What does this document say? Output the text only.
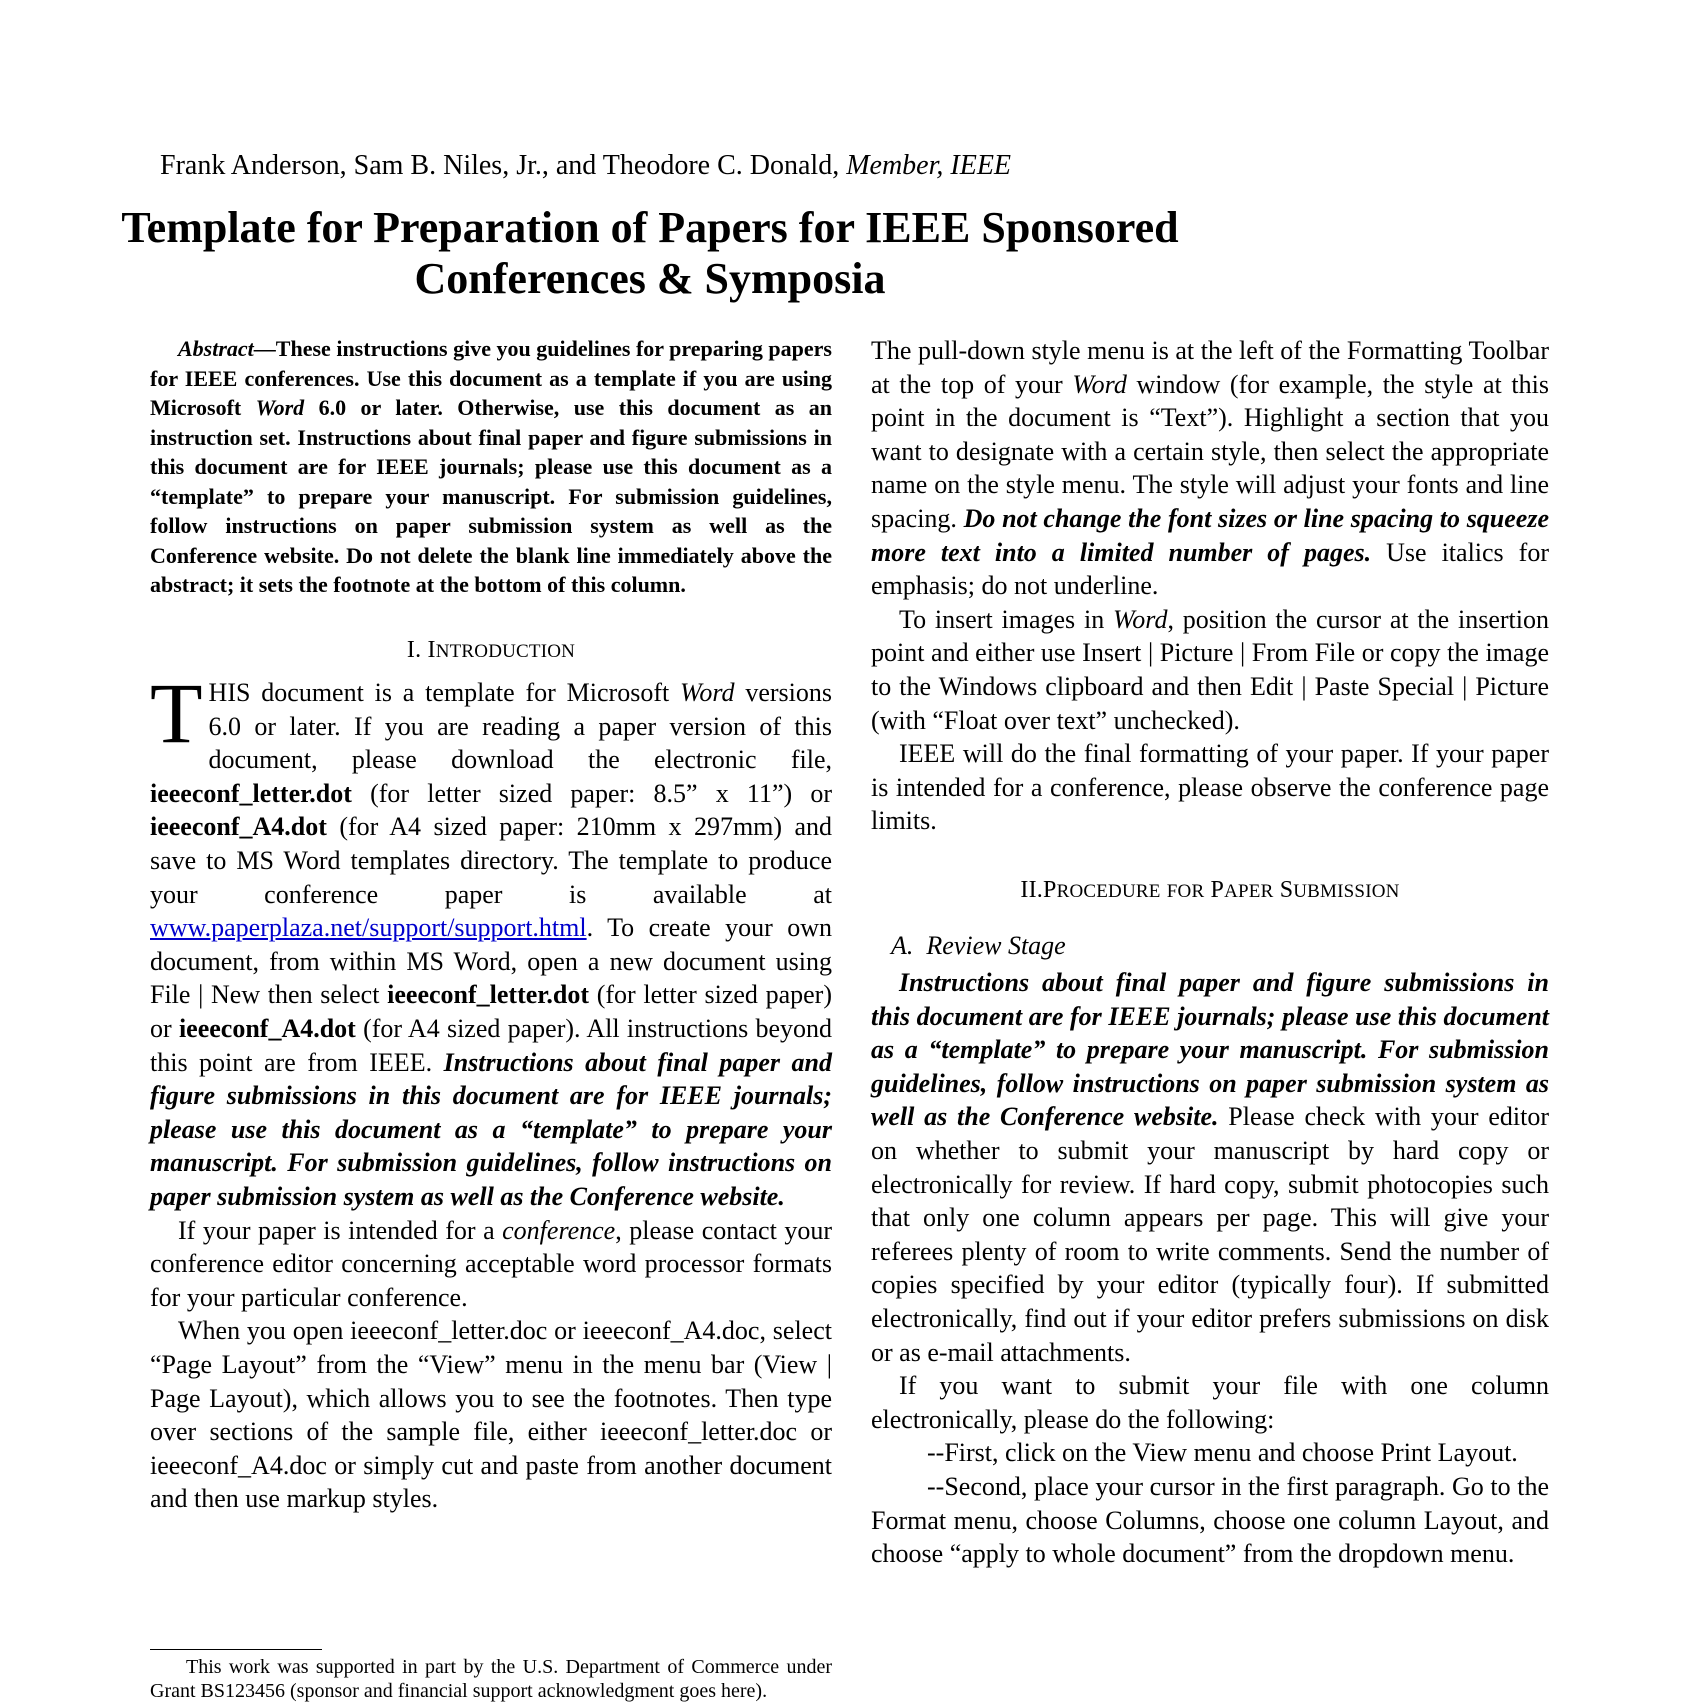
Frank Anderson, Sam B. Niles, Jr., and Theodore C. Donald, Member, IEEE
Template for Preparation of Papers for IEEE Sponsored Conferences & Symposia

Abstract—These instructions give you guidelines for preparing papers for IEEE conferences. Use this document as a template if you are using Microsoft Word 6.0 or later. Otherwise, use this document as an instruction set. Instructions about final paper and figure submissions in this document are for IEEE journals; please use this document as a “template” to prepare your manuscript. For submission guidelines, follow instructions on paper submission system as well as the Conference website. Do not delete the blank line immediately above the abstract; it sets the footnote at the bottom of this column.

I. INTRODUCTION

THIS document is a template for Microsoft Word versions 6.0 or later. If you are reading a paper version of this document, please download the electronic file, ieeeconf_letter.dot (for letter sized paper: 8.5” x 11”) or ieeeconf_A4.dot (for A4 sized paper: 210mm x 297mm) and save to MS Word templates directory. The template to produce your conference paper is available at www.paperplaza.net/support/support.html. To create your own document, from within MS Word, open a new document using File | New then select ieeeconf_letter.dot (for letter sized paper) or ieeeconf_A4.dot (for A4 sized paper). All instructions beyond this point are from IEEE. Instructions about final paper and figure submissions in this document are for IEEE journals; please use this document as a “template” to prepare your manuscript. For submission guidelines, follow instructions on paper submission system as well as the Conference website.

If your paper is intended for a conference, please contact your conference editor concerning acceptable word processor formats for your particular conference.

When you open ieeeconf_letter.doc or ieeeconf_A4.doc, select “Page Layout” from the “View” menu in the menu bar (View | Page Layout), which allows you to see the footnotes. Then type over sections of the sample file, either ieeeconf_letter.doc or ieeeconf_A4.doc or simply cut and paste from another document and then use markup styles.

The pull-down style menu is at the left of the Formatting Toolbar at the top of your Word window (for example, the style at this point in the document is “Text”). Highlight a section that you want to designate with a certain style, then select the appropriate name on the style menu. The style will adjust your fonts and line spacing. Do not change the font sizes or line spacing to squeeze more text into a limited number of pages. Use italics for emphasis; do not underline.

To insert images in Word, position the cursor at the insertion point and either use Insert | Picture | From File or copy the image to the Windows clipboard and then Edit | Paste Special | Picture (with “Float over text” unchecked).

IEEE will do the final formatting of your paper. If your paper is intended for a conference, please observe the conference page limits.

II.PROCEDURE FOR PAPER SUBMISSION
A. Review Stage

Instructions about final paper and figure submissions in this document are for IEEE journals; please use this document as a “template” to prepare your manuscript. For submission guidelines, follow instructions on paper submission system as well as the Conference website. Please check with your editor on whether to submit your manuscript by hard copy or electronically for review. If hard copy, submit photocopies such that only one column appears per page. This will give your referees plenty of room to write comments. Send the number of copies specified by your editor (typically four). If submitted electronically, find out if your editor prefers submissions on disk or as e-mail attachments.

If you want to submit your file with one column electronically, please do the following:

--First, click on the View menu and choose Print Layout.

--Second, place your cursor in the first paragraph. Go to the Format menu, choose Columns, choose one column Layout, and choose “apply to whole document” from the dropdown menu.

This work was supported in part by the U.S. Department of Commerce under Grant BS123456 (sponsor and financial support acknowledgment goes here).
